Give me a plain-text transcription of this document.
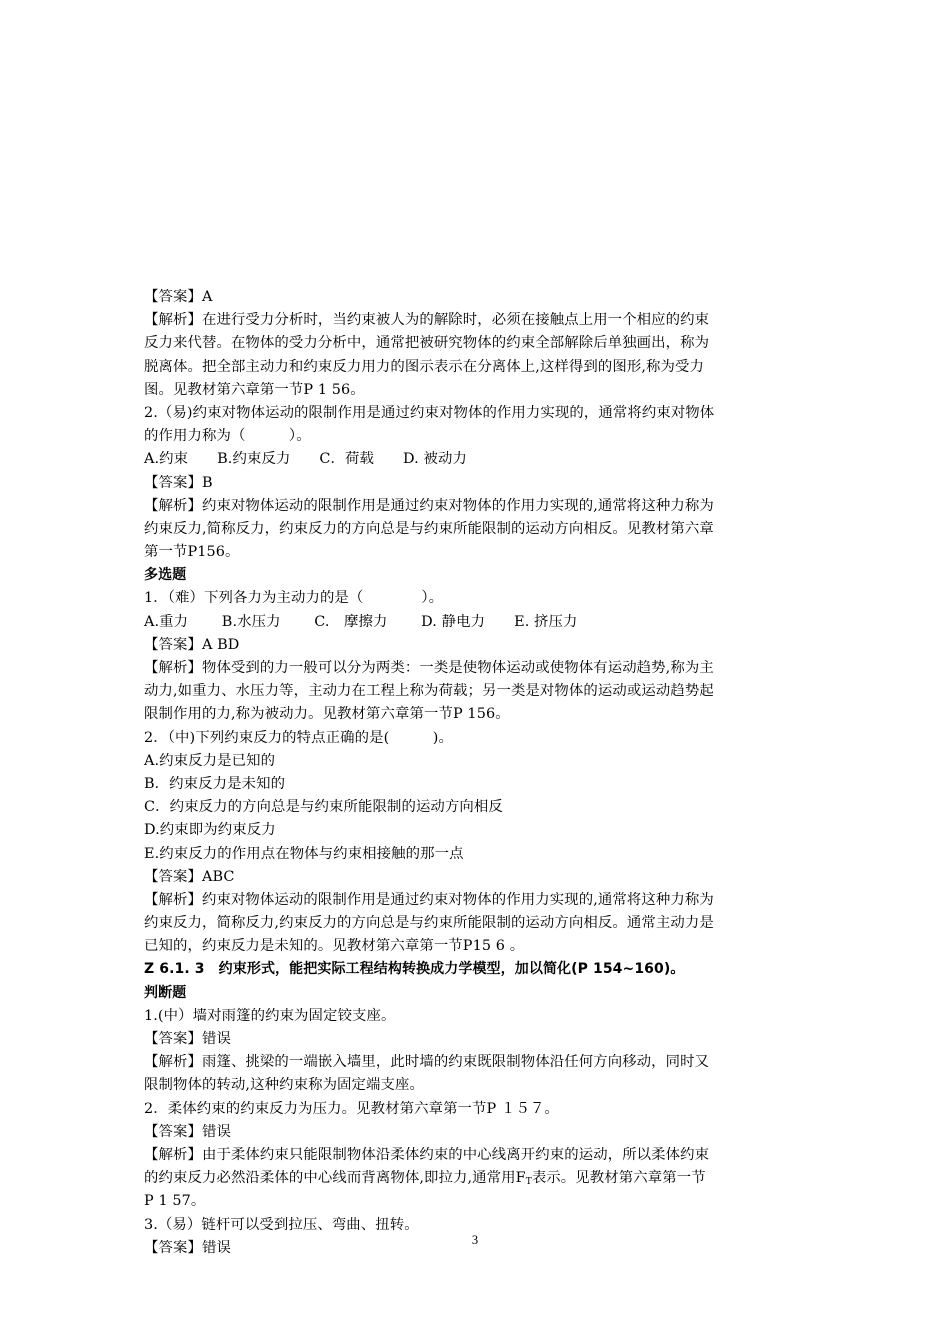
【答案】A
【解析】在进行受力分析时，当约束被人为的解除时，必须在接触点上用一个相应的约束
反力来代替。在物体的受力分析中，通常把被研究物体的约束全部解除后单独画出，称为
脱离体。把全部主动力和约束反力用力的图示表示在分离体上,这样得到的图形,称为受力
图。见教材第六章第一节P 1 56。
2.（易)约束对物体运动的限制作用是通过约束对物体的作用力实现的，通常将约束对物体
的作用力称为（　　　）。
A.约束　　B.约束反力　　C．荷载　　D. 被动力
【答案】B
【解析】约束对物体运动的限制作用是通过约束对物体的作用力实现的,通常将这种力称为
约束反力,简称反力，约束反力的方向总是与约束所能限制的运动方向相反。见教材第六章
第一节P156。
多选题
1．（难）下列各力为主动力的是（　　　　）。
A.重力　　 B.水压力　　 C.　摩擦力　　 D. 静电力　　E. 挤压力
【答案】A BD
【解析】物体受到的力一般可以分为两类：一类是使物体运动或使物体有运动趋势,称为主
动力,如重力、水压力等，主动力在工程上称为荷载；另一类是对物体的运动或运动趋势起
限制作用的力,称为被动力。见教材第六章第一节P 156。
2．（中)下列约束反力的特点正确的是(　　　)。
A.约束反力是已知的
B．约束反力是未知的
C．约束反力的方向总是与约束所能限制的运动方向相反
D.约束即为约束反力
E.约束反力的作用点在物体与约束相接触的那一点
【答案】ABC
【解析】约束对物体运动的限制作用是通过约束对物体的作用力实现的,通常将这种力称为
约束反力，简称反力,约束反力的方向总是与约束所能限制的运动方向相反。通常主动力是
已知的，约束反力是未知的。见教材第六章第一节P15 6 。
Z 6.1. 3　约束形式，能把实际工程结构转换成力学模型，加以简化(P 154~160)。
判断题
1.(中）墙对雨篷的约束为固定铰支座。
【答案】错误
【解析】雨篷、挑梁的一端嵌入墙里，此时墙的约束既限制物体沿任何方向移动，同时又
限制物体的转动,这种约束称为固定端支座。
2．柔体约束的约束反力为压力。见教材第六章第一节P １５７。
【答案】错误
【解析】由于柔体约束只能限制物体沿柔体约束的中心线离开约束的运动，所以柔体约束
的约束反力必然沿柔体的中心线而背离物体,即拉力,通常用$F_T$表示。见教材第六章第一节
P 1 57。
3.（易）链杆可以受到拉压、弯曲、扭转。
【答案】错误	3
